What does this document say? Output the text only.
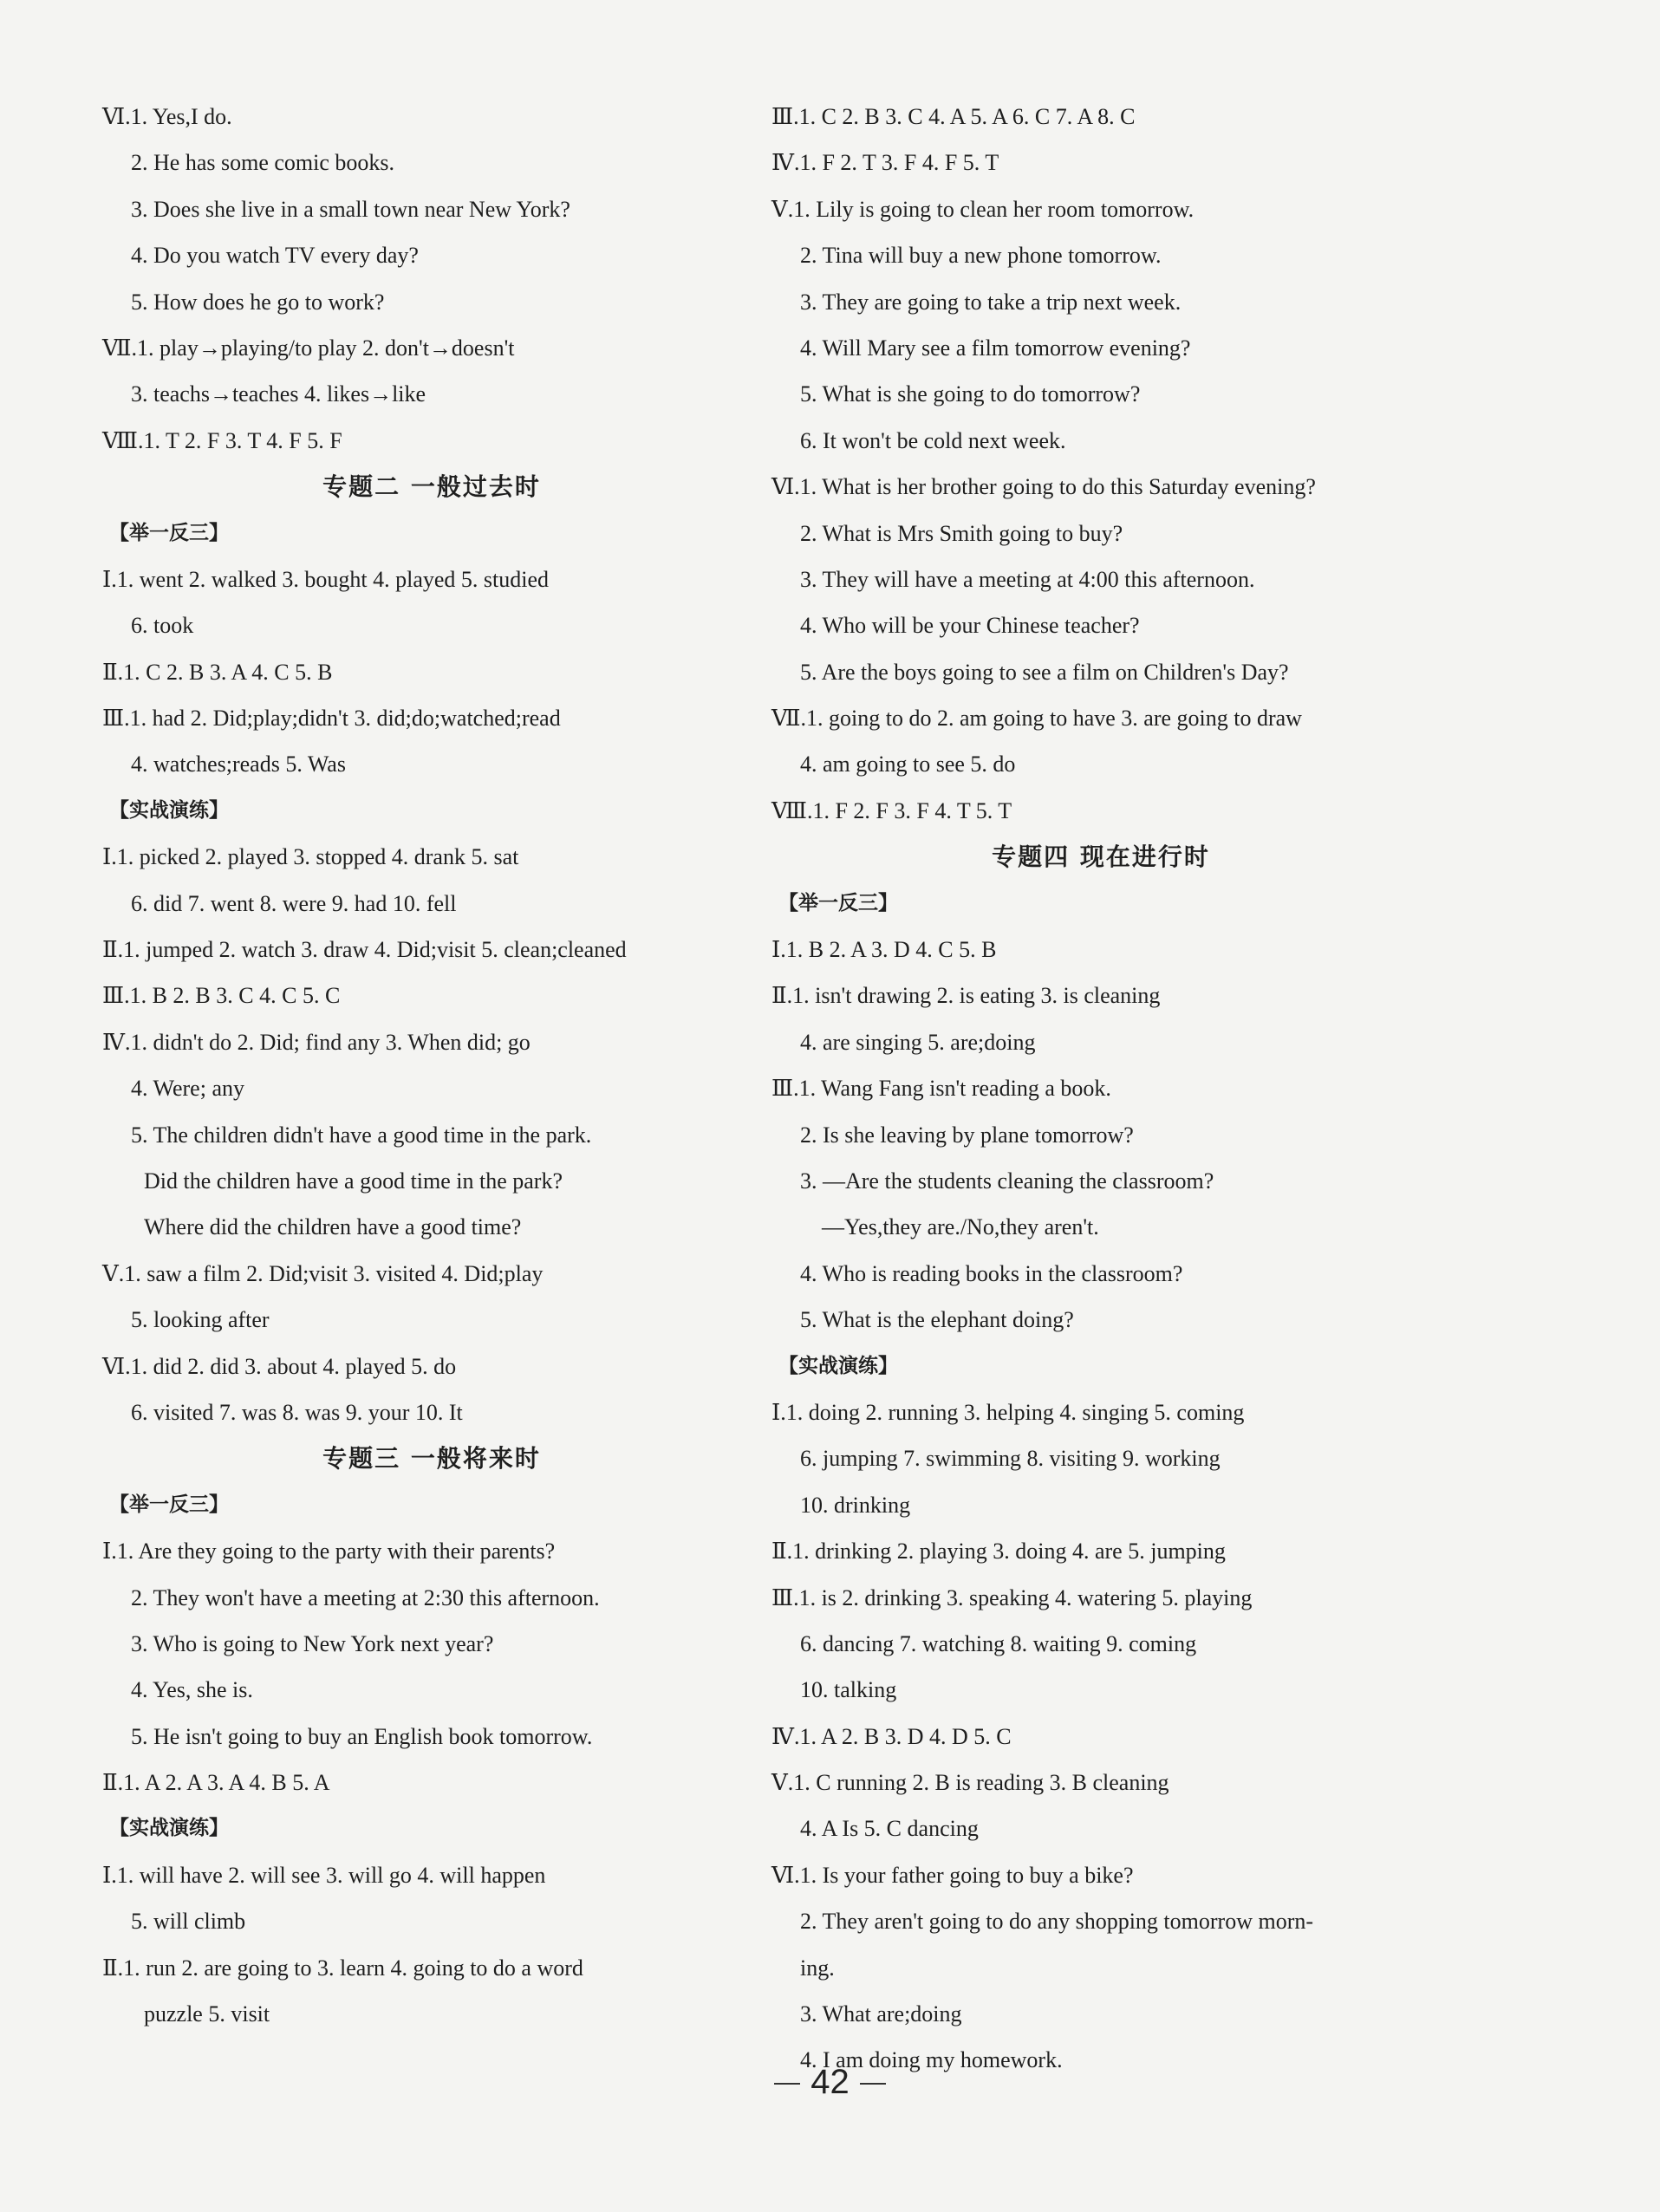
Ⅵ.1. Yes,I do.
2. He has some comic books.
3. Does she live in a small town near New York?
4. Do you watch TV every day?
5. How does he go to work?
Ⅶ.1. play→playing/to play 2. don't→doesn't
3. teachs→teaches 4. likes→like
Ⅷ.1. T 2. F 3. T 4. F 5. F
专题二 一般过去时
【举一反三】
Ⅰ.1. went 2. walked 3. bought 4. played 5. studied
6. took
Ⅱ.1. C 2. B 3. A 4. C 5. B
Ⅲ.1. had 2. Did;play;didn't 3. did;do;watched;read
4. watches;reads 5. Was
【实战演练】
Ⅰ.1. picked 2. played 3. stopped 4. drank 5. sat
6. did 7. went 8. were 9. had 10. fell
Ⅱ.1. jumped 2. watch 3. draw 4. Did;visit 5. clean;cleaned
Ⅲ.1. B 2. B 3. C 4. C 5. C
Ⅳ.1. didn't do 2. Did; find any 3. When did; go
4. Were; any
5. The children didn't have a good time in the park.
Did the children have a good time in the park?
Where did the children have a good time?
Ⅴ.1. saw a film 2. Did;visit 3. visited 4. Did;play
5. looking after
Ⅵ.1. did 2. did 3. about 4. played 5. do
6. visited 7. was 8. was 9. your 10. It
专题三 一般将来时
【举一反三】
Ⅰ.1. Are they going to the party with their parents?
2. They won't have a meeting at 2:30 this afternoon.
3. Who is going to New York next year?
4. Yes, she is.
5. He isn't going to buy an English book tomorrow.
Ⅱ.1. A 2. A 3. A 4. B 5. A
【实战演练】
Ⅰ.1. will have 2. will see 3. will go 4. will happen
5. will climb
Ⅱ.1. run 2. are going to 3. learn 4. going to do a word
puzzle 5. visit
Ⅲ.1. C 2. B 3. C 4. A 5. A 6. C 7. A 8. C
Ⅳ.1. F 2. T 3. F 4. F 5. T
Ⅴ.1. Lily is going to clean her room tomorrow.
2. Tina will buy a new phone tomorrow.
3. They are going to take a trip next week.
4. Will Mary see a film tomorrow evening?
5. What is she going to do tomorrow?
6. It won't be cold next week.
Ⅵ.1. What is her brother going to do this Saturday evening?
2. What is Mrs Smith going to buy?
3. They will have a meeting at 4:00 this afternoon.
4. Who will be your Chinese teacher?
5. Are the boys going to see a film on Children's Day?
Ⅶ.1. going to do 2. am going to have 3. are going to draw
4. am going to see 5. do
Ⅷ.1. F 2. F 3. F 4. T 5. T
专题四 现在进行时
【举一反三】
Ⅰ.1. B 2. A 3. D 4. C 5. B
Ⅱ.1. isn't drawing 2. is eating 3. is cleaning
4. are singing 5. are;doing
Ⅲ.1. Wang Fang isn't reading a book.
2. Is she leaving by plane tomorrow?
3. —Are the students cleaning the classroom?
—Yes,they are./No,they aren't.
4. Who is reading books in the classroom?
5. What is the elephant doing?
【实战演练】
Ⅰ.1. doing 2. running 3. helping 4. singing 5. coming
6. jumping 7. swimming 8. visiting 9. working
10. drinking
Ⅱ.1. drinking 2. playing 3. doing 4. are 5. jumping
Ⅲ.1. is 2. drinking 3. speaking 4. watering 5. playing
6. dancing 7. watching 8. waiting 9. coming
10. talking
Ⅳ.1. A 2. B 3. D 4. D 5. C
Ⅴ.1. C running 2. B is reading 3. B cleaning
4. A Is 5. C dancing
Ⅵ.1. Is your father going to buy a bike?
2. They aren't going to do any shopping tomorrow morn-
ing.
3. What are;doing
4. I am doing my homework.
42
